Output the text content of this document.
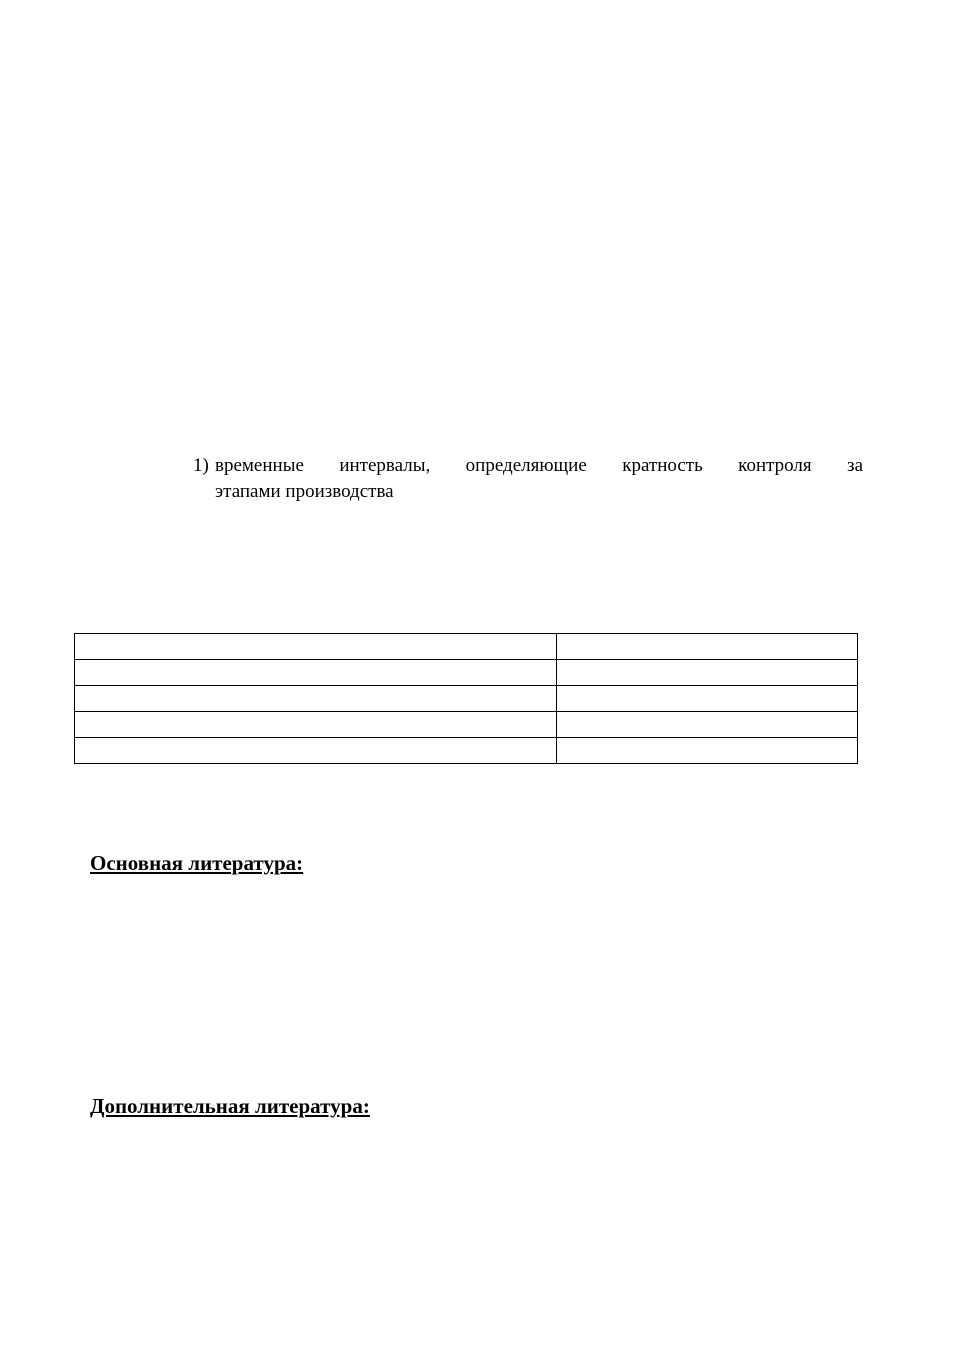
1) временные интервалы, определяющие кратность контроля за
этапами производства

Основная литература:
Дополнительная литература:
